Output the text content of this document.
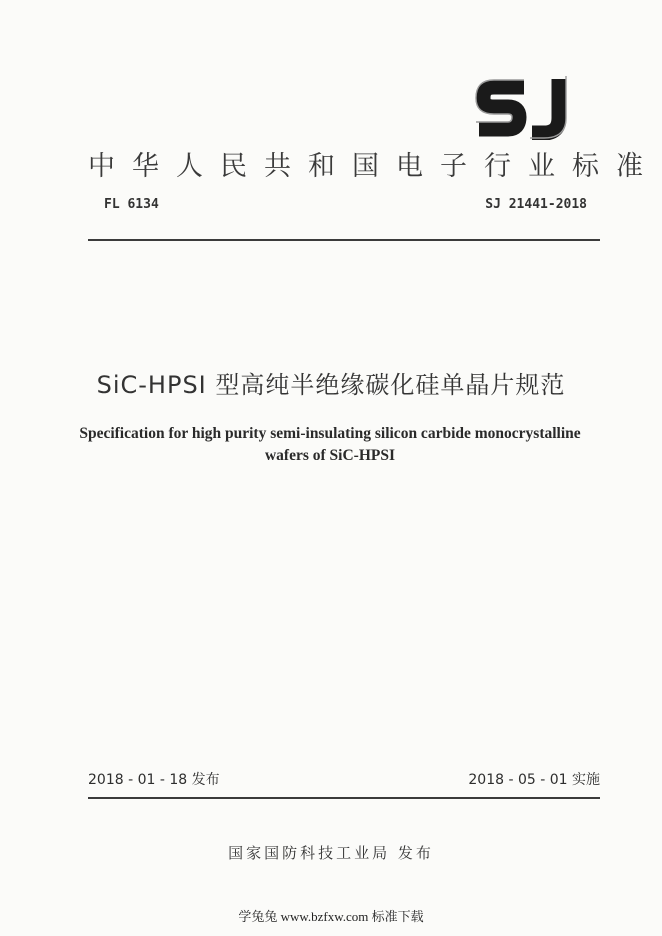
中华人民共和国电子行业标准
FL 6134	SJ 21441-2018
SiC-HPSI 型高纯半绝缘碳化硅单晶片规范
Specification for high purity semi-insulating silicon carbide monocrystalline
wafers of SiC-HPSI
2018 - 01 - 18 发布	2018 - 05 - 01 实施
国家国防科技工业局 发布
学兔兔 www.bzfxw.com 标准下载
